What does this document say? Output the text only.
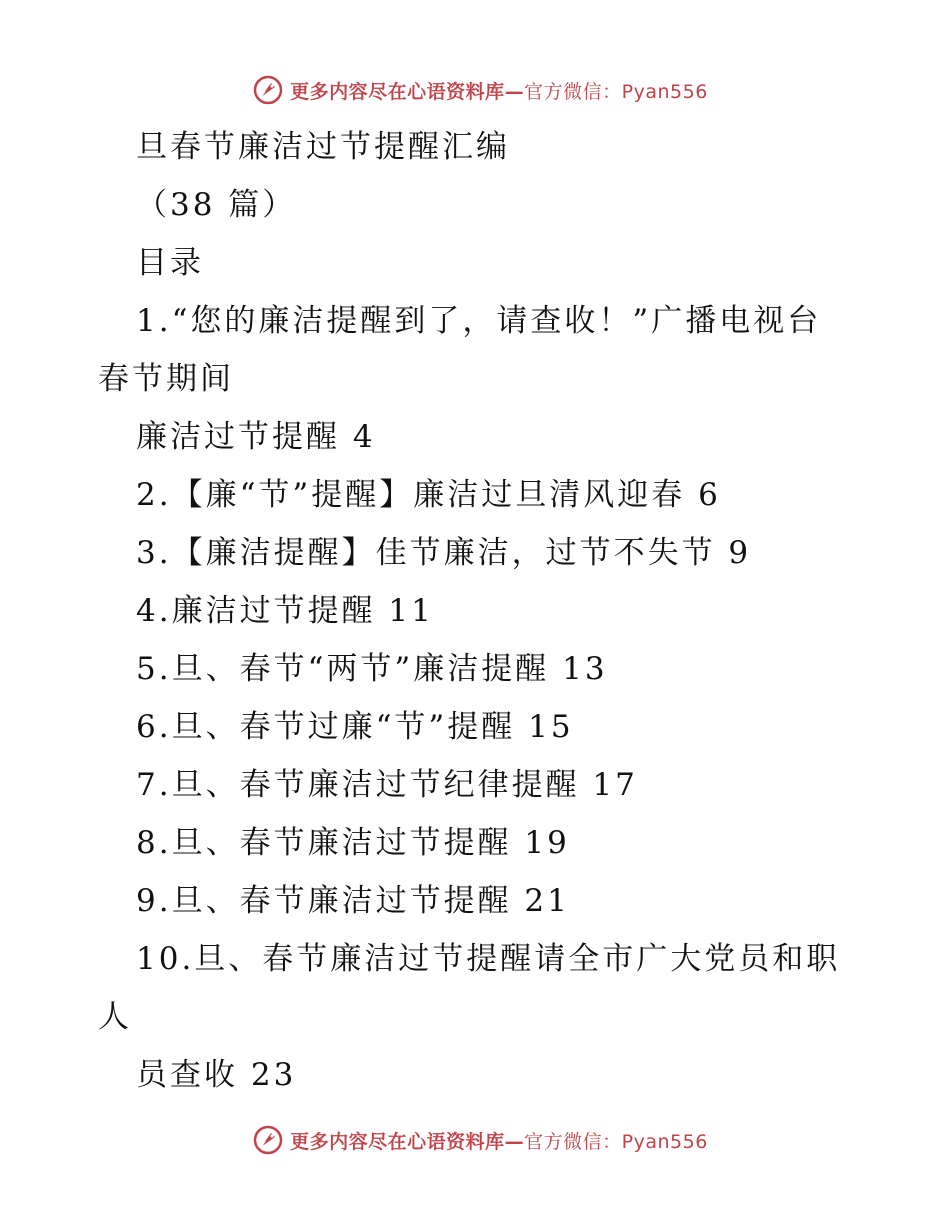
更多内容尽在心语资料库—官方微信：Pyan556
旦春节廉洁过节提醒汇编
（38 篇）
目录
1.“您的廉洁提醒到了，请查收！”广播电视台
春节期间
廉洁过节提醒 4
2.【廉“节”提醒】廉洁过旦清风迎春 6
3.【廉洁提醒】佳节廉洁，过节不失节 9
4.廉洁过节提醒 11
5.旦、春节“两节”廉洁提醒 13
6.旦、春节过廉“节”提醒 15
7.旦、春节廉洁过节纪律提醒 17
8.旦、春节廉洁过节提醒 19
9.旦、春节廉洁过节提醒 21
10.旦、春节廉洁过节提醒请全市广大党员和职
人
员查收 23
更多内容尽在心语资料库—官方微信：Pyan556
